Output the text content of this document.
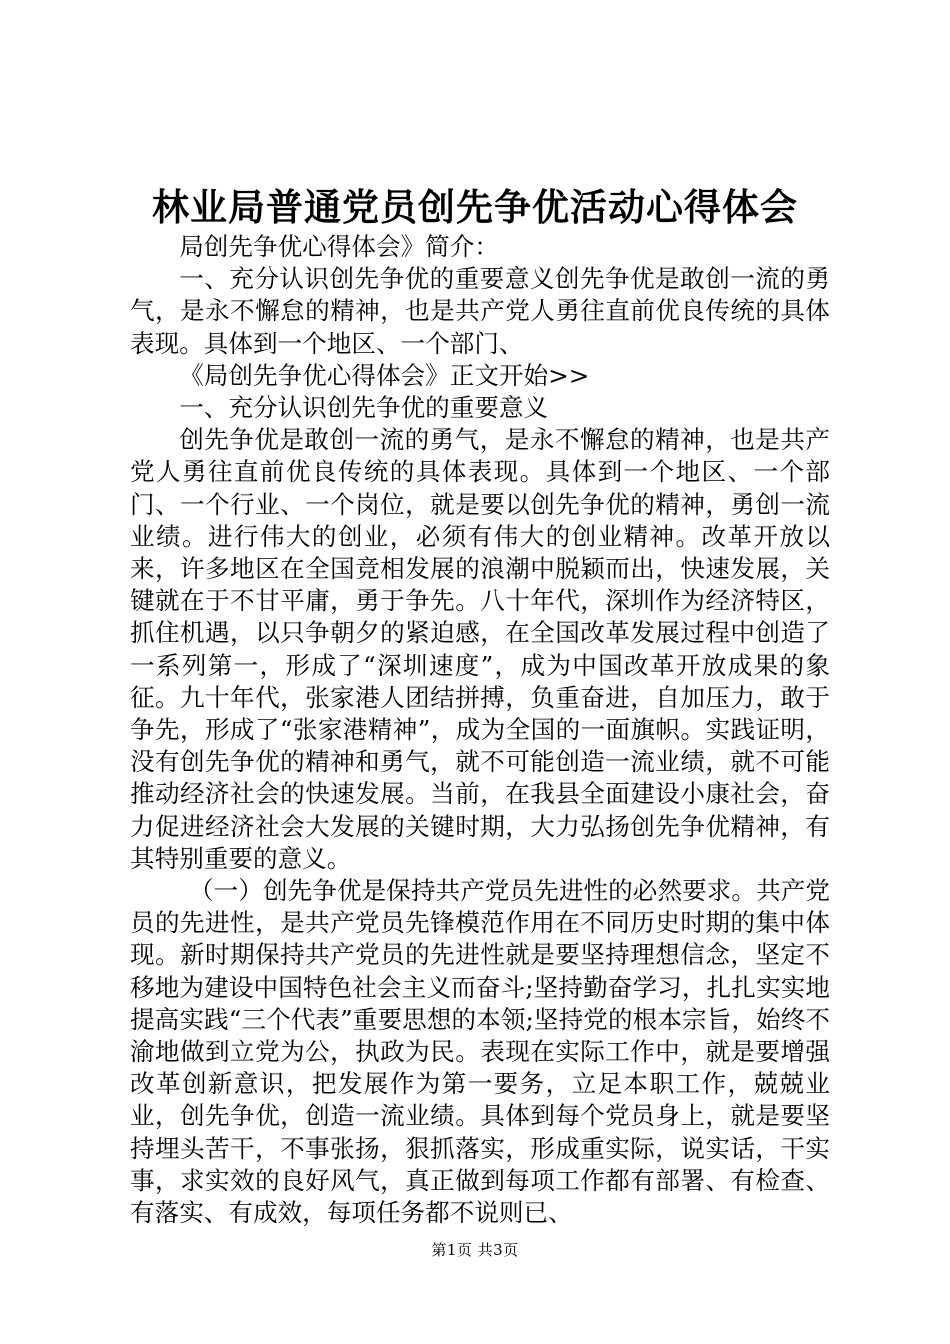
林业局普通党员创先争优活动心得体会

局创先争优心得体会》简介：

一、充分认识创先争优的重要意义创先争优是敢创一流的勇气，是永不懈怠的精神，也是共产党人勇往直前优良传统的具体表现。具体到一个地区、一个部门、

《局创先争优心得体会》正文开始>>

一、充分认识创先争优的重要意义

创先争优是敢创一流的勇气，是永不懈怠的精神，也是共产党人勇往直前优良传统的具体表现。具体到一个地区、一个部门、一个行业、一个岗位，就是要以创先争优的精神，勇创一流业绩。进行伟大的创业，必须有伟大的创业精神。改革开放以来，许多地区在全国竞相发展的浪潮中脱颖而出，快速发展，关键就在于不甘平庸，勇于争先。八十年代，深圳作为经济特区，抓住机遇，以只争朝夕的紧迫感，在全国改革发展过程中创造了一系列第一，形成了“深圳速度”，成为中国改革开放成果的象征。九十年代，张家港人团结拼搏，负重奋进，自加压力，敢于争先，形成了“张家港精神”，成为全国的一面旗帜。实践证明，没有创先争优的精神和勇气，就不可能创造一流业绩，就不可能推动经济社会的快速发展。当前，在我县全面建设小康社会，奋力促进经济社会大发展的关键时期，大力弘扬创先争优精神，有其特别重要的意义。

（一）创先争优是保持共产党员先进性的必然要求。共产党员的先进性，是共产党员先锋模范作用在不同历史时期的集中体现。新时期保持共产党员的先进性就是要坚持理想信念，坚定不移地为建设中国特色社会主义而奋斗;坚持勤奋学习，扎扎实实地提高实践“三个代表”重要思想的本领;坚持党的根本宗旨，始终不渝地做到立党为公，执政为民。表现在实际工作中，就是要增强改革创新意识，把发展作为第一要务，立足本职工作，兢兢业业，创先争优，创造一流业绩。具体到每个党员身上，就是要坚持埋头苦干，不事张扬，狠抓落实，形成重实际，说实话，干实事，求实效的良好风气，真正做到每项工作都有部署、有检查、有落实、有成效，每项任务都不说则已、

第1页 共3页
